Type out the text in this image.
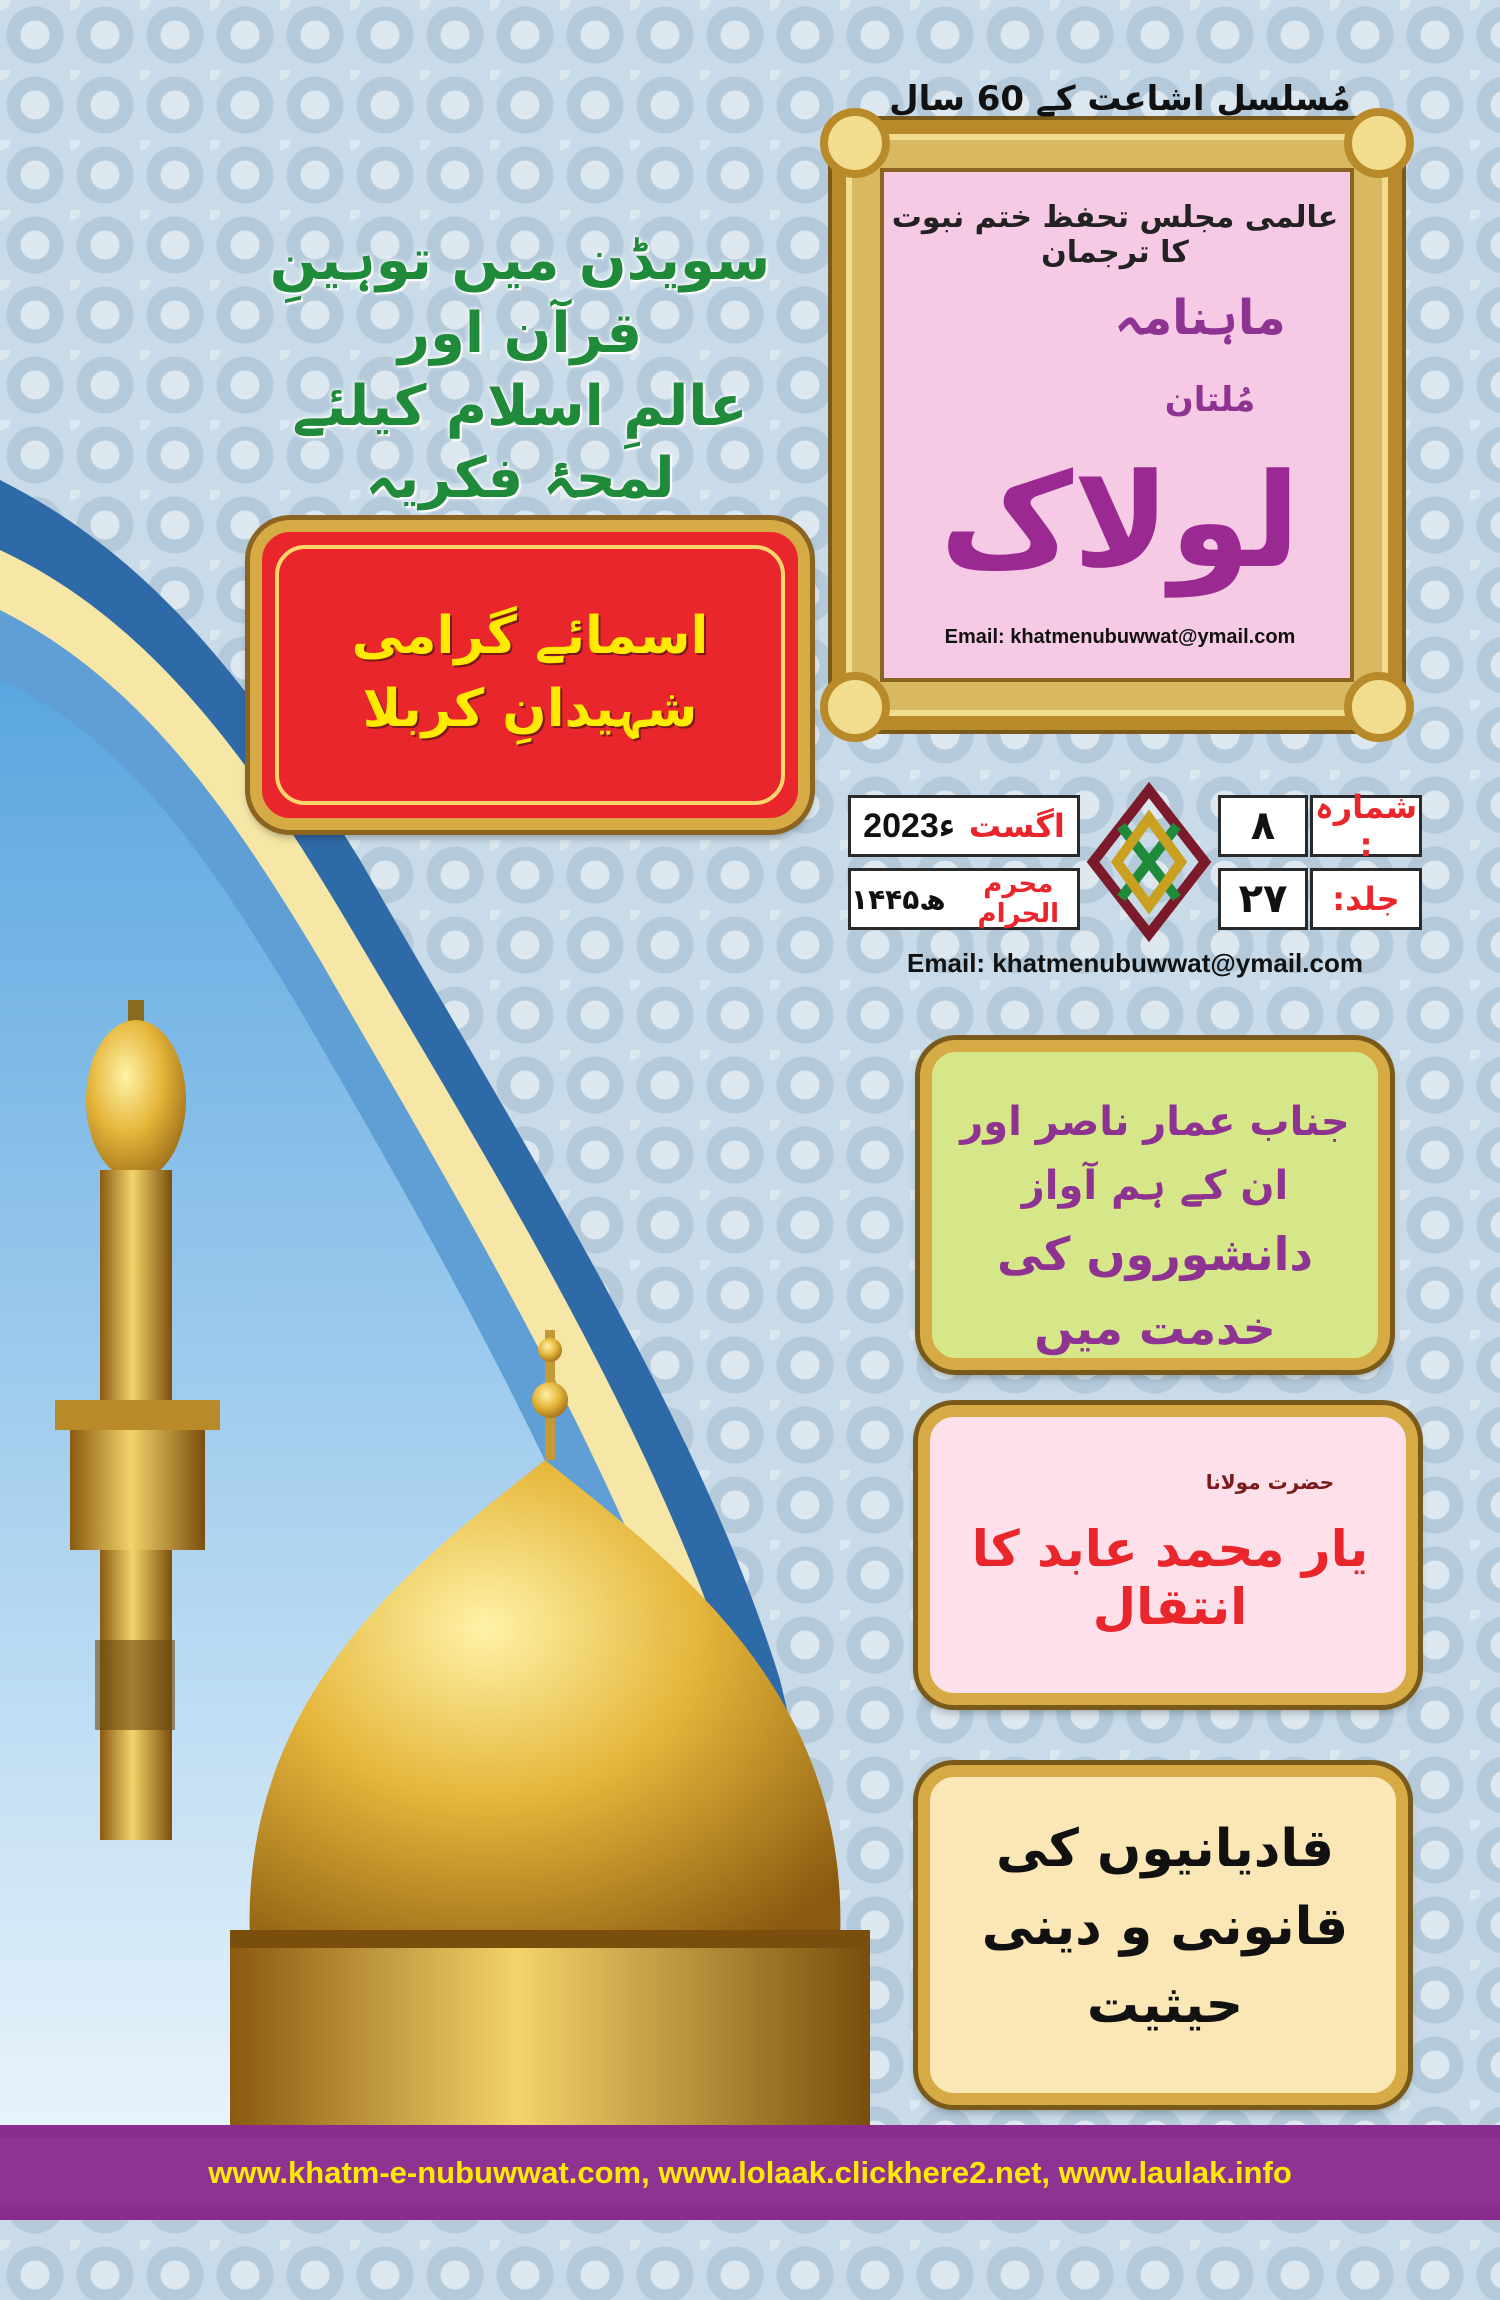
سویڈن میں توہینِ قرآن اور
عالمِ اسلام کیلئے لمحۂ فکریہ
اسمائے گرامی شہیدانِ کربلا
مُسلسل اشاعت کے 60 سال
عالمی مجلس تحفظ ختم نبوت کا ترجمان
ماہنامہ
مُلتان
لولاک
Email: khatmenubuwwat@ymail.com
۸ شمارہ :
۲۷ جلد:
2023ء اگست
۱۴۴۵ھ	محرم الحرام
Email: khatmenubuwwat@ymail.com
جناب عمار ناصر اور ان کے ہم آواز
دانشوروں کی خدمت میں
حضرت مولانا
یار محمد عابد کا انتقال
قادیانیوں کی
قانونی و دینی حیثیت
www.khatm-e-nubuwwat.com, www.lolaak.clickhere2.net, www.laulak.info
